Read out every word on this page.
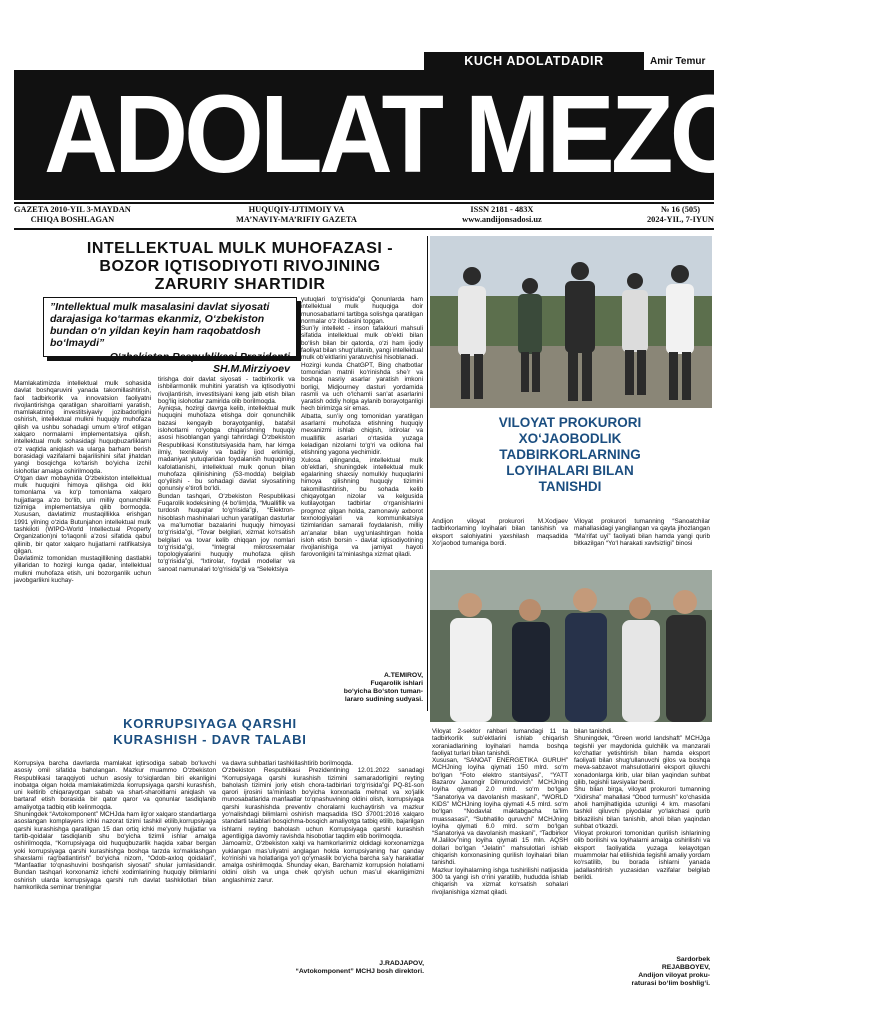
KUCH ADOLATDADIR	Amir Temur
ADOLAT MEZONI
GAZETA 2010-YIL 3-MAYDAN
CHIQA BOSHLAGAN
HUQUQIY-IJTIMOIY VA
MA’NAVIY-MA’RIFIY GAZETA
ISSN 2181 - 483X
www.andijonsadosi.uz
№ 16 (505)
2024-YIL, 7-IYUN
INTELLEKTUAL MULK MUHOFAZASI - BOZOR IQTISODIYOTI RIVOJINING ZARURIY SHARTIDIR
”Intellektual mulk masalasini davlat siyosati darajasiga ko‘tarmas ekanmiz, O‘zbekiston bundan o‘n yildan keyin ham raqobatdosh bo‘lmaydi”
O‘zbekiston Respublikasi Prezidenti SH.M.Mirziyoev
Mamlakatimizda intellektual mulk sohasida davlat boshqaruvini yanada takomillashtirish, faol tadbirkorlik va innovatsion faoliyatni rivojlantirishga qaratilgan sharoitlarni yaratish, mamlakatning investitsiyaviy jozibadorligini oshirish, intellektual mulkni huquqiy muhofaza qilish va ushbu sohadagi umum e’tirof etilgan xalqaro normalarni implementatsiya qilish, intellektual mulk sohasidagi huquqbuzarliklarni o‘z vaqtida aniqlash va ularga barham berish borasidagi vazifalarni bajarilishini sifat jihatdan yangi bosqichga ko‘tarish bo‘yicha izchil islohotlar amalga oshirilmoqda.
O‘tgan davr mobaynida O‘zbekiston intellektual mulk huquqini himoya qilishga oid ikki tomonlama va ko‘p tomonlama xalqaro hujjatlarga a’zo bo‘lib, uni milliy qonunchilik tizimiga implementatsiya qilib bormoqda. Xususan, davlatimiz mustaqillikka erishgan 1991 yilning o‘zida Butunjahon intellektual mulk tashkiloti (WIPO-World Intellectual Property Organization)ni to‘laqonli a’zosi sifatida qabul qilinib, bir qator xalqaro hujjatlarni ratifikatsiya qilgan.
Davlatimiz tomonidan mustaqillikning dastlabki yillaridan to hozirgi kunga qadar, intellektual mulkni muhofaza etish, uni bozorganlik uchun javobgarlikni kuchay-
tirishga doir davlat siyosati - tadbirkorlik va ishbilarmonlik muhitini yaratish va iqtisodiyotni rivojlantirish, investitsiyani keng jalb etish bilan bog‘liq islohotlar zamirida olib borilmoqda.
Ayniqsa, hozirgi davrga kelib, intellektual mulk huquqini muhofaza etishga doir qonunchilik bazasi kengayib borayotganligi, batafsil islohotlarni ro‘yobga chiqarishning huquqiy asosi hisoblangan yangi tahrirdagi O‘zbekiston Respublikasi Konstitutsiyasida ham, har kimga ilmiy, texnikaviy va badiiy ijod erkinligi, madaniyat yutuqlaridan foydalanish huquqining kafolatlanishi, intellektual mulk qonun bilan muhofaza qilinishining (53-modda) belgilab qo‘yilishi - bu sohadagi davlat siyosatining qonunsiy e’tirofi bo‘ldi.
Bundan tashqari, O‘zbekiston Respublikasi Fuqarolik kodeksining (4 bo‘lim)da, “Mualliflik va turdosh huquqlar to‘g‘risida”gi, “Elektron-hisoblash mashinalari uchun yaratilgan dasturlar va ma’lumotlar bazalarini huquqiy himoyasi to‘g‘risida”gi, “Tovar belgilari, xizmat ko‘rsatish belgilari va tovar kelib chiqqan joy nomlari to‘g‘risida”gi, “Integral mikrosxemalar topologiyalarini huquqiy muhofaza qilish to‘g‘risida”gi, “Ixtirolar, foydali modellar va sanoat namunalari to‘g‘risida”gi va “Selektsiya
yutuqlari to‘g‘risida”gi Qonunlarda ham intellektual mulk huquqiga doir munosabatlarni tartibga solishga qaratilgan normalar o‘z ifodasini topgan.
Sun’iy intellekt - inson tafakkuri mahsuli sifatida intellektual mulk ob’ekti bilan bo‘lish bilan bir qatorda, o‘zi ham ijodiy faoliyat bilan shug‘ullanib, yangi intellektual mulk ob’ektlarini yaratuvchisi hisoblanadi.
Hozirgi kunda ChatGPT, Bing chatbotlar tomonidan matnli ko‘rinishda she’r va boshqa nasriy asarlar yaratish imkoni borligi, Midjourney dasturi yordamida rasmli va uch o‘lchamli san’at asarlarini yaratish oddiy holga aylanib borayotganligi hech birimizga sir emas.
Albatta, sun’iy ong tomonidan yaratilgan asarlarni muhofaza etishning huquqiy mexanizmi ishlab chiqish, ixtirolar va mualliflik asarlari o‘rtasida yuzaga keladigan nizolarni to‘g‘ri va odilona hal etishning yagona yechimidir.
Xulosa qilinganda, intellektual mulk ob’ektlari, shuningdek intellektual mulk egalarining shaxsiy nomulkiy huquqlarini himoya qilishning huquqiy tizimini takomillashtirish, bu sohada kelib chiqayotgan nizolar va kelgusida kutilayotgan tadbirlar o‘rganishlarini progmoz qilgan holda, zamonaviy axborot texnologiyalari va kommunikatsiya tizimlaridan samarali foydalanish, milliy an’analar bilan uyg‘unlashtirgan holda islоh etish borsin - davlat iqtisodiyotining rivojlanishiga va jamiyat hayoti farovonligini ta’minlashga xizmat qiladi.
A.TEMIROV,
Fuqarolik ishlari
bo‘yicha Bo‘ston tuman-
lararo sudining sudyasi.
VILOYAT PROKURORI
XO‘JAOBODLIK
TADBIRKORLARNING
LOYIHALARI BILAN
TANISHDI
Andijon viloyat prokurori M.Xodjaev tadbirkorlarning loyihalari bilan tanishish va eksport salohiyatini yaxshilash maqsadida Xo‘jaobod tumaniga bordi.
Viloyat prokurori tumanning “Sanoatchilar mahallasidagi yangilangan va qayta jihozlangan “Ma’rifat uyi” faoliyati bilan hamda yangi qurib bitkazilgan “Yo‘l harakati xavfsizligi” binosi
Viloyat 2-sektor rahbari tumandagi 11 ta tadbirkorlik sub’ektlarini ishlab chiqarish xoraniadlarining loyihalari hamda boshqa faoliyat turlari bilan tanishdi.
Xususan, “SANOAT ENERGETIKA GURUH” MCHJning loyiha qiymati 150 mlrd. so‘m bo‘lgan “Foto elektro stantsiyasi”, “YATT Bazarov Jaxongir Dilmurodovich” MCHJning loyiha qiymati 2.0 mlrd. so‘m bo‘lgan “Sanatoriya va davolanish maskani”, “WORLD KIDS” MCHJning loyiha qiymati 4.5 mlrd. so‘m bo‘lgan “Nodavlat maktabgacha ta’lim muassasasi”, “Subhatillo quruvchi” MCHJning loyiha qiymati 6.0 mlrd. so‘m bo‘lgan “Sanatoriya va davolanish maskani”, “Tadbirkor M.Jalilov”ning loyiha qiymati 15 mln. AQSH dollari bo‘lgan “Jelatin” mahsulotlari ishlab chiqarish korxonasining qurilish loyihalari bilan tanishdi.
Mazkur loyihalarning ishga tushirilishi natijasida 300 ta yangi ish o‘rini yaratilib, hududda ishlab chiqarish va xizmat ko‘rsatish sohalari rivojlanishiga xizmat qiladi.
bilan tanishdi.
Shuningdek, “Green world landshaft” MCHJga tegishli yer maydonida gulchilik va manzarali ko‘chatlar yetishtirish bilan hamda eksport faoliyati bilan shug‘ullanuvchi gilos va boshqa meva-sabzavot mahsulotlarini eksport qiluvchi xonadonlarga kirib, ular bilan yaqindan suhbat qilib, tegishli tavsiyalar berdi.
Shu bilan birga, viloyat prokurori tumanning “Xidirsha” mahallasi “Obod turmush” ko‘chasida aholi hamjihatligida uzunligi 4 km. masofani tashkil qiluvchi piyodalar yo‘lakchasi qurib bitkazilishi bilan tanishib, aholi bilan yaqindan suhbat o‘tkazdi.
Viloyat prokurori tomonidan qurilish ishlarining olib borilishi va loyihalarni amalga oshirilishi va eksport faoliyatida yuzaga kelayotgan muammolar hal etilishida tegishli amaliy yordam ko‘rsatilib, bu borada ishlarni yanada jadallashtirish yuzasidan vazifalar belgilab berildi.
Sardorbek
REJABBOYEV,
Andijon viloyat proku-
raturasi bo‘lim boshlig‘i.
KORRUPSIYAGA QARSHI
KURASHISH - DAVR TALABI
Korrupsiya barcha davrlarda mamlakat iqtirsodiga sabab bo‘luvchi asosiy omil sifatida baholangan. Mazkur muammo O‘zbekiston Respublikasi taraqqiyoti uchun asosiy to‘siqlardan biri ekanligini inobatga olgan holda mamlakatimizda korrupsiyaga qarshi kurashish, uni keltirib chiqarayotgan sabab va shart-sharoitlarni aniqlash va bartaraf etish borasida bir qator qaror va qonunlar tasdiqlanib amaliyotga tadbiq etib kelinmoqda.
Shuningdek “Avtokomponent” MCHJda ham ilg‘or xalqaro standartlarga asoslangan komplayens ichki nazorat tizimi tashkil etilib,korrupsiyaga qarshi kurashishga qaratilgan 15 dan ortiq ichki me’yoriy hujjatlar va tartib-qoidalar tasdiqlanib shu bo‘yicha tizimli ishlar amalga oshirilmoqda, “Korrupsiyaga oid huquqbuzarlik haqida xabar bergan yoki korrupsiyaga qarshi kurashishga boshqa tarzda ko‘maklashgan shaxslarni rag‘batlantirish” bo‘yicha nizom, “Odob-axloq qoidalari”, “Manfaatlar to‘qnashuvini boshqarish siyosati” shular jumlasidandir. Bundan tashqari korxonamiz ichchi xodimlarining huquqiy bilimlarini oshirish ularda korrupsiyaga qarshi ruh davlat tashkilotlari bilan hamkorlikda seminar treninglar
va davra suhbatlari tashkillashtirib borilmoqda.
O‘zbekiston Respublikasi Prezidentining 12.01.2022 sanadagi “Korrupsiyaga qarshi kurashish tizimini samaradorligini reyting baholash tizimini joriy etish chora-tadbirlari to‘g‘risida”gi PQ-81-son qarori ijrosini ta’minlash bo‘yicha korxonada mehnat va xo‘jalik munosabatlarida manfaatlar to‘qnashuvining oldini olish, korrupsiyaga qarshi kurashishda preventiv choralarni kuchaytirish va mazkur yo‘nalishdagi bilimlarni oshirish maqsadida ISO 37001:2016 xalqaro standarti talablari bosqichma-bosqich amaliyotga tatbiq etilib, bajarilgan ishlarni reyting baholash uchun Korrupsiyaga qarshi kurashish agentligiga davomiy ravishda hisobotlar taqdim etib borilmoqda.
Jamoamiz, O‘zbekiston xalqi va hamkorlarimiz oldidagi korxonamizga yuklangan mas’uliyatni anglagan holda korrupsiyaning har qanday ko‘rinishi va holatlariga yo‘l qo‘ymaslik bo‘yicha barcha sa’y harakatlar amalga oshirilmoqda. Shunday ekan, Barchamiz korrupsion holatlarni oldini olish va unga chek qo‘yish uchun mas’ul ekanligimizni anglashimiz zarur.
J.RADJAPOV,
“Avtokomponent” MCHJ bosh direktori.
